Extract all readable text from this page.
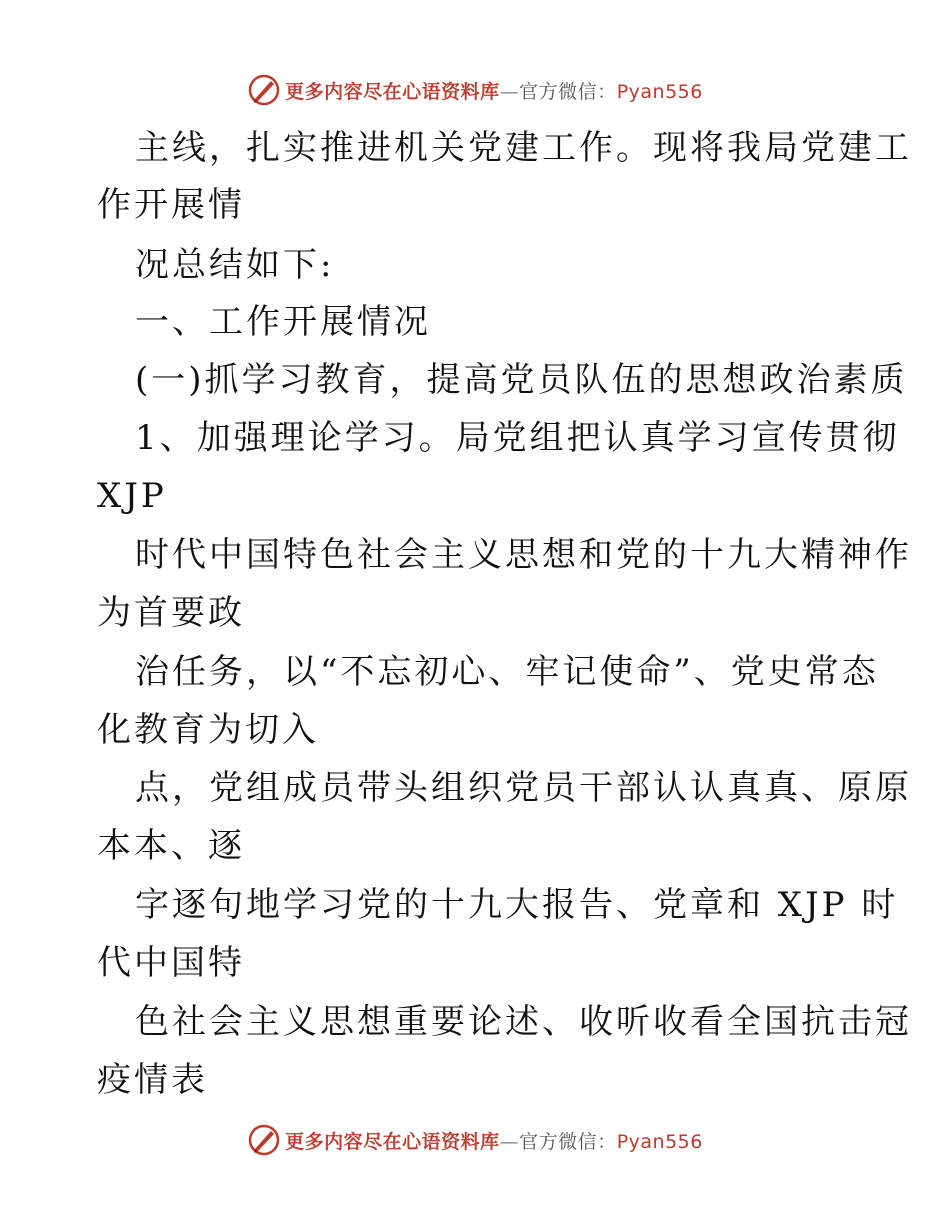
更多内容尽在心语资料库—官方微信：Pyan556
主线，扎实推进机关党建工作。现将我局党建工
作开展情
况总结如下:
一、工作开展情况
(一)抓学习教育，提高党员队伍的思想政治素质
1、加强理论学习。局党组把认真学习宣传贯彻
XJP
时代中国特色社会主义思想和党的十九大精神作
为首要政
治任务，以“不忘初心、牢记使命”、党史常态
化教育为切入
点，党组成员带头组织党员干部认认真真、原原
本本、逐
字逐句地学习党的十九大报告、党章和 XJP 时
代中国特
色社会主义思想重要论述、收听收看全国抗击冠
疫情表
更多内容尽在心语资料库—官方微信：Pyan556
